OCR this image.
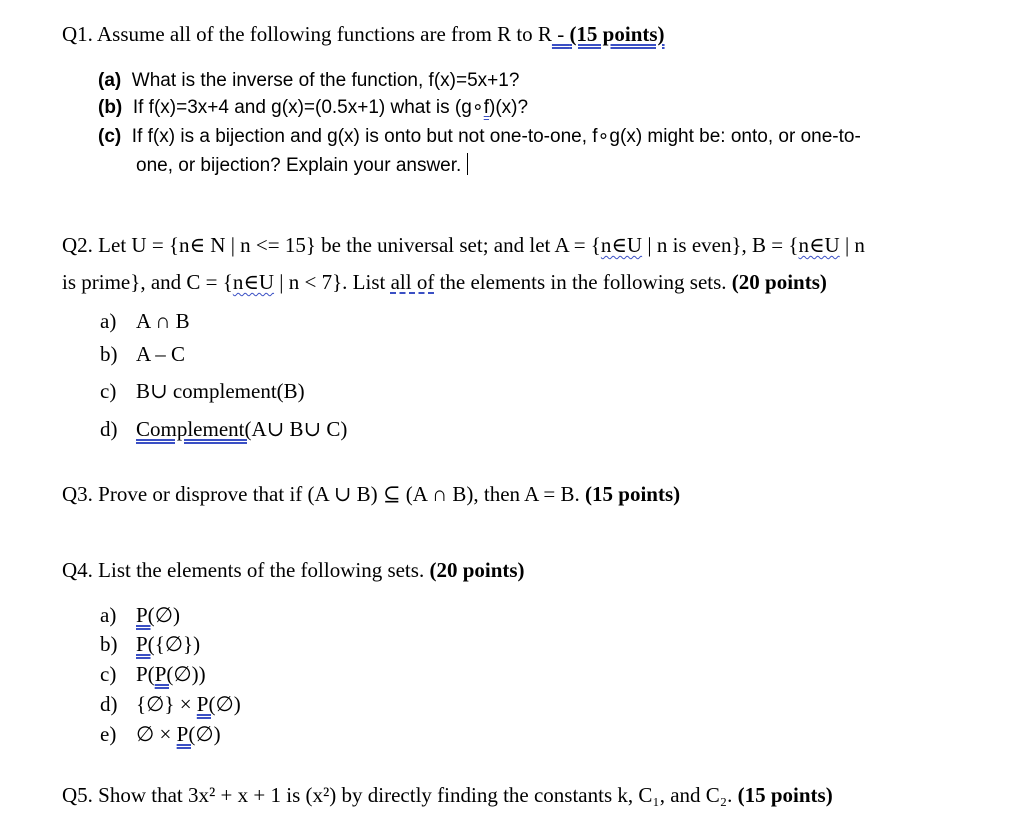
Q1. Assume all of the following functions are from R to R - (15 points)
(a) What is the inverse of the function, f(x)=5x+1?
(b) If f(x)=3x+4 and g(x)=(0.5x+1) what is (g∘f)(x)?
(c) If f(x) is a bijection and g(x) is onto but not one-to-one, f∘g(x) might be: onto, or one-to-
one, or bijection? Explain your answer.
Q2. Let U = {n∈ N | n <= 15} be the universal set; and let A = {n∈U | n is even}, B = {n∈U | n
is prime}, and C = {n∈U | n < 7}. List all of the elements in the following sets. (20 points)
a) A ∩ B
b) A – C
c) B∪ complement(B)
d) Complement(A∪ B∪ C)
Q3. Prove or disprove that if (A ∪ B) ⊆ (A ∩ B), then A = B. (15 points)
Q4. List the elements of the following sets. (20 points)
a) P(∅)
b) P({∅})
c) P(P(∅))
d) {∅} × P(∅)
e) ∅ × P(∅)
Q5. Show that 3x² + x + 1 is (x²) by directly finding the constants k, C₁, and C₂. (15 points)
